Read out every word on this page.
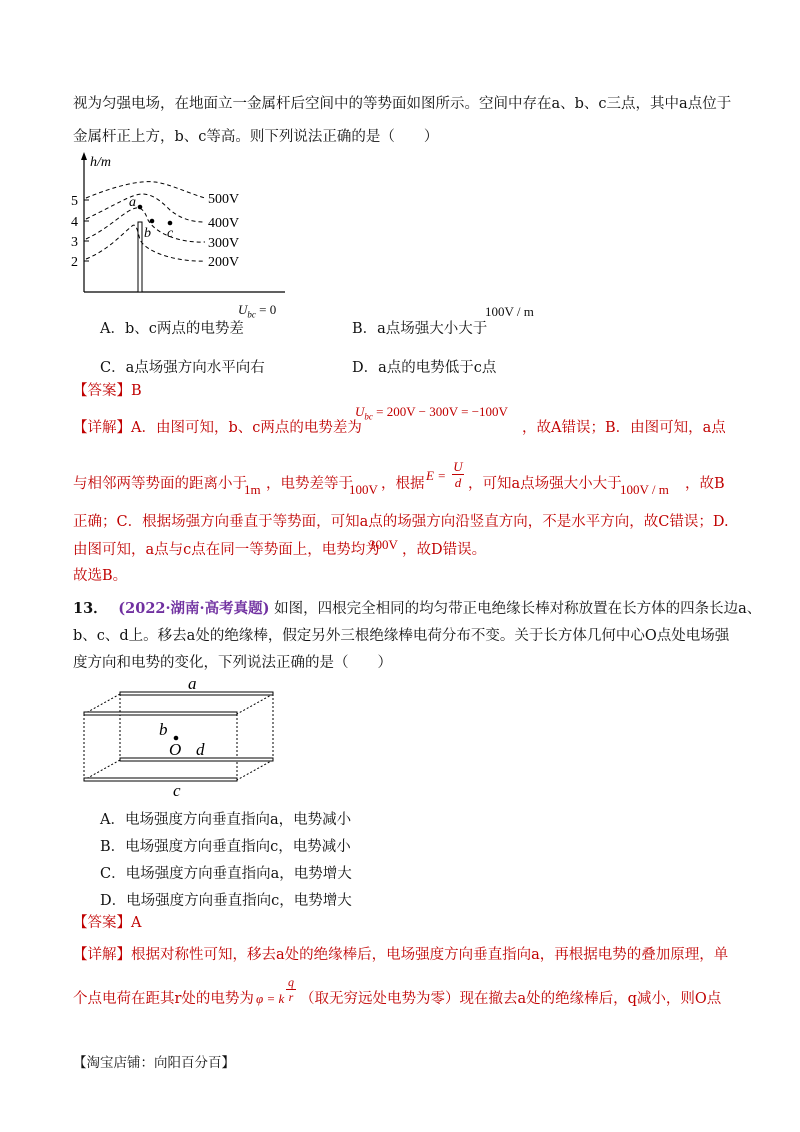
视为匀强电场，在地面立一金属杆后空间中的等势面如图所示。空间中存在a、b、c三点，其中a点位于
金属杆正上方，b、c等高。则下列说法正确的是（　　）
h/m
5
4
3
2
500V
400V
300V
200V
a
b c
A．b、c两点的电势差
$U_{bc} = 0$
B．a点场强大小大于
100V / m
C．a点场强方向水平向右	D．a点的电势低于c点
【答案】B
【详解】A．由图可知，b、c两点的电势差为
$U_{bc} = 200V - 300V = -100V$
，故A错误；B．由图可知，a点
与相邻两等势面的距离小于
1m ，电势差等于
100V ，根据
$E = \frac{U}{d}$ ，可知a点场强大小大于
100V / m ，故B
正确；C．根据场强方向垂直于等势面，可知a点的场强方向沿竖直方向，不是水平方向，故C错误；D.
由图可知，a点与c点在同一等势面上，电势均为
300V ，故D错误。
故选B。
13． (2022·湖南·高考真题) 如图，四根完全相同的均匀带正电绝缘长棒对称放置在长方体的四条长边a、
b、c、d上。移去a处的绝缘棒，假定另外三根绝缘棒电荷分布不变。关于长方体几何中心O点处电场强
度方向和电势的变化，下列说法正确的是（　　）
a
b
O d
c
A．电场强度方向垂直指向a，电势减小
B．电场强度方向垂直指向c，电势减小
C．电场强度方向垂直指向a，电势增大
D．电场强度方向垂直指向c，电势增大
【答案】A
【详解】根据对称性可知，移去a处的绝缘棒后，电场强度方向垂直指向a，再根据电势的叠加原理，单
个点电荷在距其r处的电势为 φ = k $\frac{q}{r}$ （取无穷远处电势为零）现在撤去a处的绝缘棒后，q减小，则O点
【淘宝店铺：向阳百分百】
